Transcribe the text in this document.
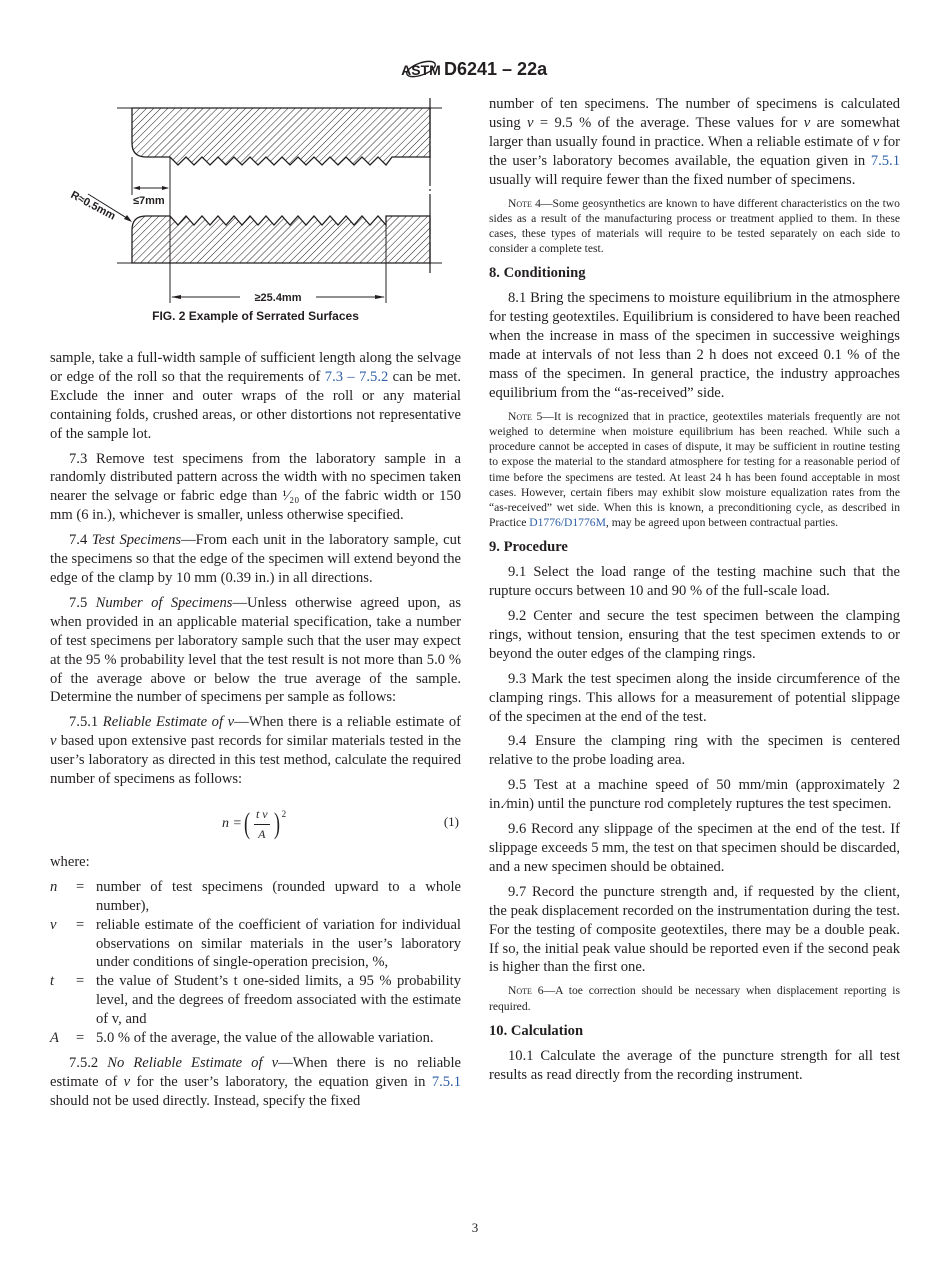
ASTM D6241 – 22a
≤7mm
R≈0.5mm
≥25.4mm
FIG. 2 Example of Serrated Surfaces
sample, take a full-width sample of sufficient length along the selvage or edge of the roll so that the requirements of 7.3 – 7.5.2 can be met. Exclude the inner and outer wraps of the roll or any material containing folds, crushed areas, or other distortions not representative of the sample lot.
7.3 Remove test specimens from the laboratory sample in a randomly distributed pattern across the width with no specimen taken nearer the selvage or fabric edge than ¹⁄₂₀ of the fabric width or 150 mm (6 in.), whichever is smaller, unless otherwise specified.
7.4 Test Specimens—From each unit in the laboratory sample, cut the specimens so that the edge of the specimen will extend beyond the edge of the clamp by 10 mm (0.39 in.) in all directions.
7.5 Number of Specimens—Unless otherwise agreed upon, as when provided in an applicable material specification, take a number of test specimens per laboratory sample such that the user may expect at the 95 % probability level that the test result is not more than 5.0 % of the average above or below the true average of the sample. Determine the number of specimens per sample as follows:
7.5.1 Reliable Estimate of v—When there is a reliable estimate of v based upon extensive past records for similar materials tested in the user’s laboratory as directed in this test method, calculate the required number of specimens as follows:
n = ( $\frac{\text{t v}}{A} )^2$	(1)
where:
n	= number of test specimens (rounded upward to a whole number),
v	= reliable estimate of the coefficient of variation for individual observations on similar materials in the user’s laboratory under conditions of single-operation precision, %,
t	= the value of Student’s t one-sided limits, a 95 % probability level, and the degrees of freedom associated with the estimate of v, and
A	= 5.0 % of the average, the value of the allowable variation.
7.5.2 No Reliable Estimate of v—When there is no reliable estimate of v for the user’s laboratory, the equation given in 7.5.1 should not be used directly. Instead, specify the fixed
number of ten specimens. The number of specimens is calculated using v = 9.5 % of the average. These values for v are somewhat larger than usually found in practice. When a reliable estimate of v for the user’s laboratory becomes available, the equation given in 7.5.1 usually will require fewer than the fixed number of specimens.
Note 4—Some geosynthetics are known to have different characteristics on the two sides as a result of the manufacturing process or treatment applied to them. In these cases, these types of materials will require to be tested separately on each side to consider a complete test.
8. Conditioning
8.1 Bring the specimens to moisture equilibrium in the atmosphere for testing geotextiles. Equilibrium is considered to have been reached when the increase in mass of the specimen in successive weighings made at intervals of not less than 2 h does not exceed 0.1 % of the mass of the specimen. In general practice, the industry approaches equilibrium from the “as-received” side.
Note 5—It is recognized that in practice, geotextiles materials frequently are not weighed to determine when moisture equilibrium has been reached. While such a procedure cannot be accepted in cases of dispute, it may be sufficient in routine testing to expose the material to the standard atmosphere for testing for a reasonable period of time before the specimens are tested. At least 24 h has been found acceptable in most cases. However, certain fibers may exhibit slow moisture equalization rates from the “as-received” wet side. When this is known, a preconditioning cycle, as described in Practice D1776/D1776M, may be agreed upon between contractual parties.
9. Procedure
9.1 Select the load range of the testing machine such that the rupture occurs between 10 and 90 % of the full-scale load.
9.2 Center and secure the test specimen between the clamping rings, without tension, ensuring that the test specimen extends to or beyond the outer edges of the clamping rings.
9.3 Mark the test specimen along the inside circumference of the clamping rings. This allows for a measurement of potential slippage of the specimen at the end of the test.
9.4 Ensure the clamping ring with the specimen is centered relative to the probe loading area.
9.5 Test at a machine speed of 50 mm/min (approximately 2 in.⁄min) until the puncture rod completely ruptures the test specimen.
9.6 Record any slippage of the specimen at the end of the test. If slippage exceeds 5 mm, the test on that specimen should be discarded, and a new specimen should be obtained.
9.7 Record the puncture strength and, if requested by the client, the peak displacement recorded on the instrumentation during the test. For the testing of composite geotextiles, there may be a double peak. If so, the initial peak value should be reported even if the second peak is higher than the first one.
Note 6—A toe correction should be necessary when displacement reporting is required.
10. Calculation
10.1 Calculate the average of the puncture strength for all test results as read directly from the recording instrument.
3
